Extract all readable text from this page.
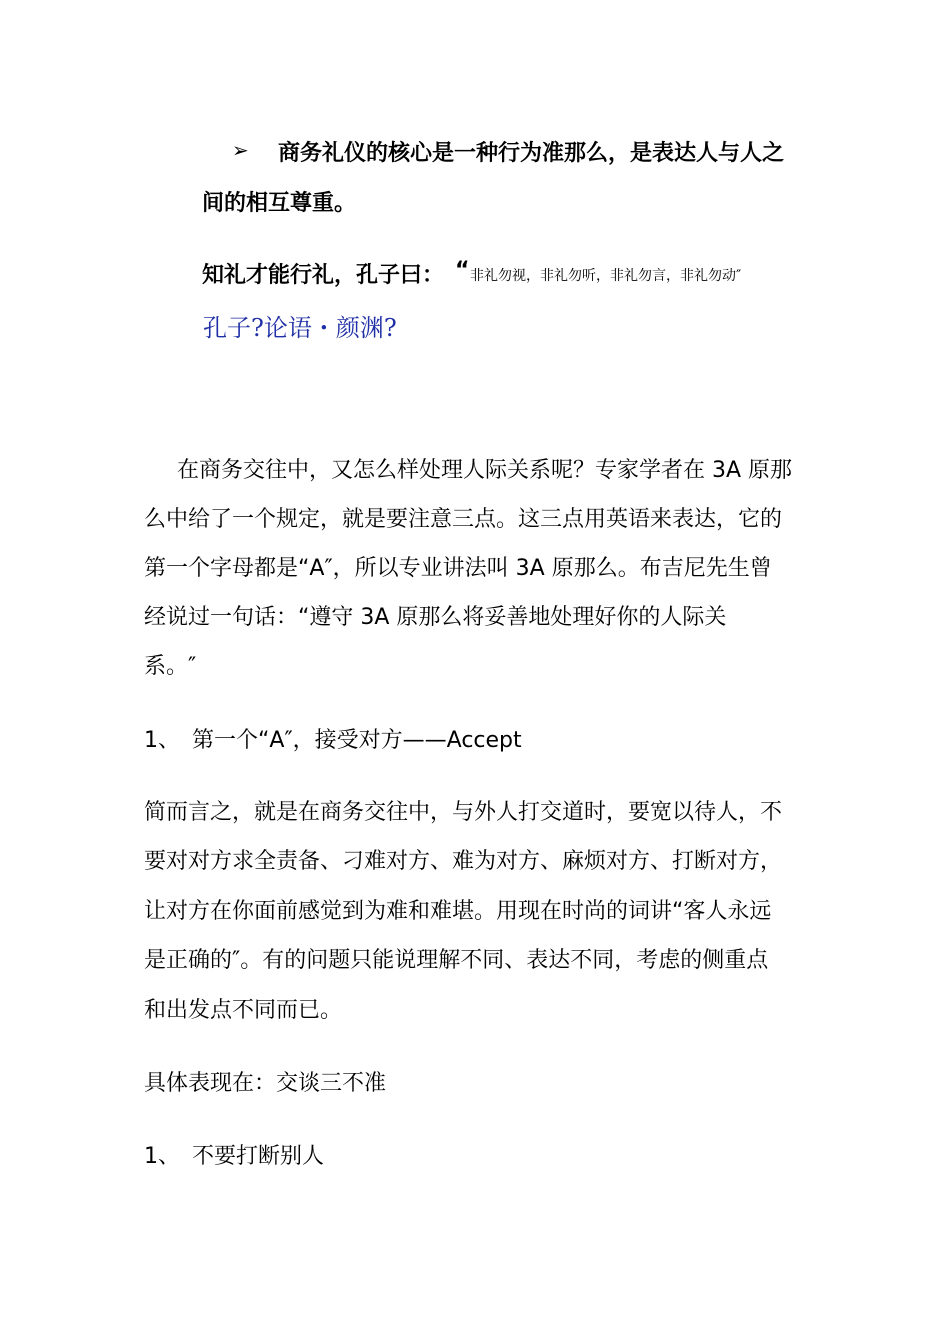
➢ 商务礼仪的核心是一种行为准那么，是表达人与人之
间的相互尊重。
知礼才能行礼，孔子曰： “ 非礼勿视，非礼勿听，非礼勿言，非礼勿动″
孔子?论语・颜渊?
在商务交往中，又怎么样处理人际关系呢？专家学者在 3A 原那
么中给了一个规定，就是要注意三点。这三点用英语来表达，它的
第一个字母都是“A″，所以专业讲法叫 3A 原那么。布吉尼先生曾
经说过一句话：“遵守 3A 原那么将妥善地处理好你的人际关
系。″
1、 第一个“A″，接受对方——Accept
简而言之，就是在商务交往中，与外人打交道时，要宽以待人，不
要对对方求全责备、刁难对方、难为对方、麻烦对方、打断对方，
让对方在你面前感觉到为难和难堪。用现在时尚的词讲“客人永远
是正确的″。有的问题只能说理解不同、表达不同，考虑的侧重点
和出发点不同而已。
具体表现在：交谈三不准
1、 不要打断别人
